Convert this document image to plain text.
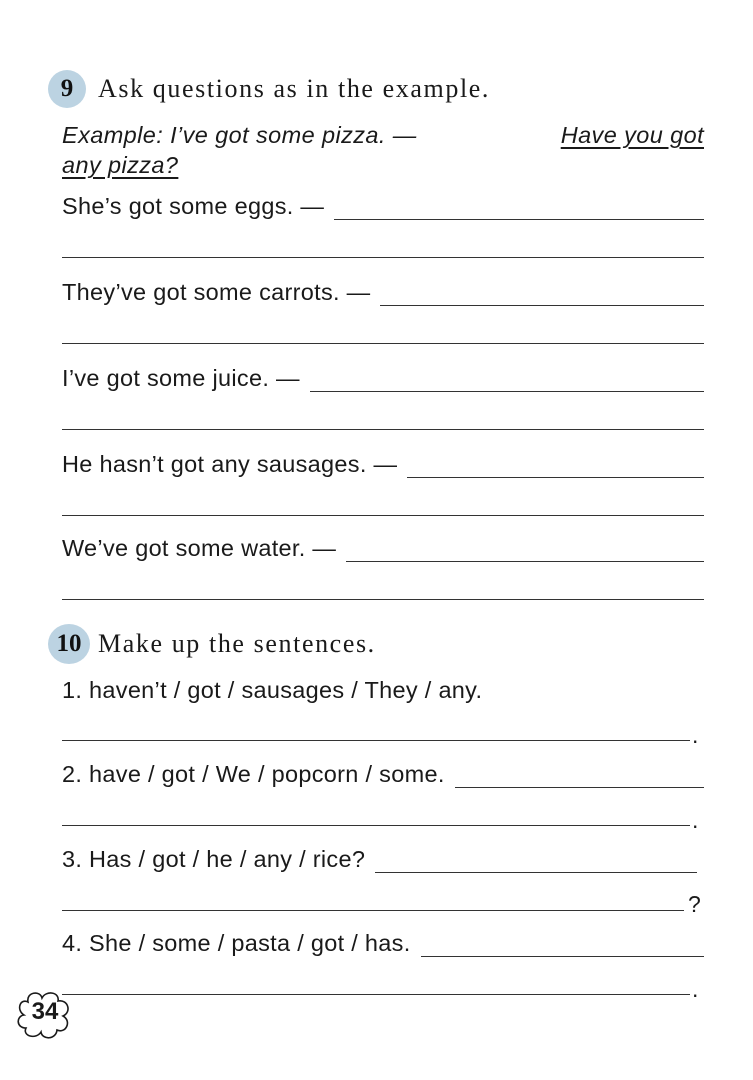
9 Ask questions as in the example.
Example: I’ve got some pizza. —	Have you got
any pizza?
She’s got some eggs. —
They’ve got some carrots. —
I’ve got some juice. —
He hasn’t got any sausages. —
We’ve got some water. —
10 Make up the sentences.
1. haven’t / got / sausages / They / any.
.
2. have / got / We / popcorn / some.
.
3. Has / got / he / any / rice?
?
4. She / some / pasta / got / has.
.
34
